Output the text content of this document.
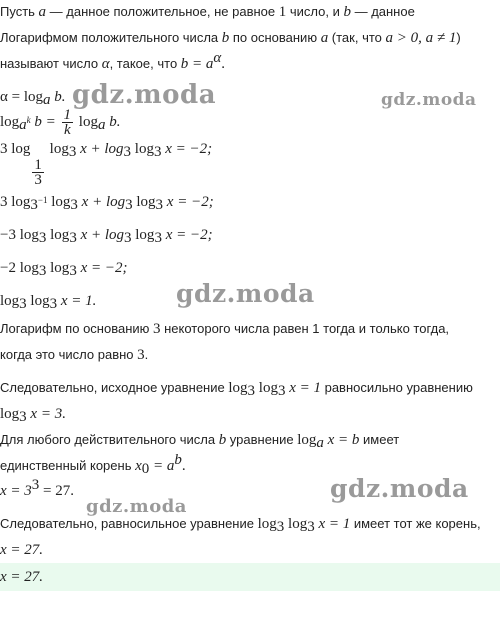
Пусть a — данное положительное, не равное 1 число, и b — данное
Логарифмом положительного числа b по основанию a (так, что a > 0, a ≠ 1)
называют число α, такое, что $b = a^\alpha$.
$\alpha = \log_a b$.
$\log_{a^k} b = \frac{1}{k} \log_a b$.
3 log
$\frac{1}{3}$
$\log_3 x + \log_3 \log_3 x = -2$;
3 $\log_{3^{-1}} \log_3 x + \log_3 \log_3 x = -2$;
−3 $\log_3 \log_3 x + \log_3 \log_3 x = -2$;
−2 $\log_3 \log_3 x = -2$;
$\log_3 \log_3 x = 1$.
Логарифм по основанию 3 некоторого числа равен 1 тогда и только тогда,
когда это число равно 3.
Следовательно, исходное уравнение $\log_3 \log_3 x = 1$ равносильно уравнению
$\log_3 x = 3$.
Для любого действительного числа b уравнение $\log_a x = b$ имеет
единственный корень $x_0 = a^b$.
$x = 3^3 = 27$.
Следовательно, равносильное уравнение $\log_3 \log_3 x = 1$ имеет тот же корень,
x = 27.
x = 27.
gdz.moda	gdz.moda
gdz.moda
gdz.moda
gdz.moda
